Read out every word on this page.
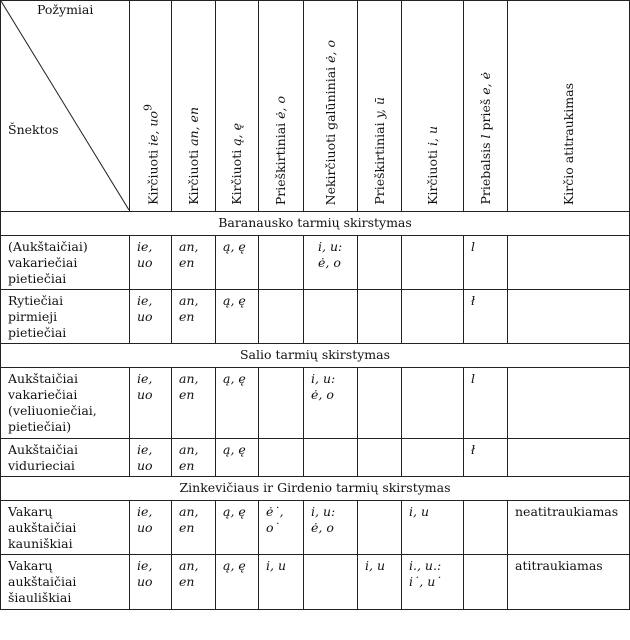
Požymiai
Šnektos	Kirčiuoti ie, $uo^9$	Kirčiuoti an, en	Kirčiuoti ą, ę	Prieškirtiniai ė, o	Nekirčiuoti galūniniai ė, o	Prieškirtiniai y, ū	Kirčiuoti i, u	Priebalsis l prieš e, ė	Kirčio atitraukimas

Baranausko tarmių skirstymas									

(Aukštaičiai)
vakariečiai
pietiečiai	ie,
uo	an,
en	ą, ę		i, u:
ė, o			l	

Rytiečiai
pirmieji
pietiečiai	ie,
uo	an,
en	ą, ę					ł	

Salio tarmių skirstymas									

Aukštaičiai
vakariečiai
(veliuoniečiai,
pietiečiai)	ie,
uo	an,
en	ą, ę		i, u:
ė, o			l	

Aukštaičiai
vidurieciai	ie,
uo	an,
en	ą, ę					ł	

Zinkevičiaus ir Girdenio tarmių skirstymas									

Vakarų
aukštaičiai
kauniškiai	ie,
uo	an,
en	ą, ę	ė˙,
o˙	i, u:
ė, o		i, u		neatitraukiamas

Vakarų
aukštaičiai
šiauliškiai	ie,
uo	an,
en	ą, ę	i, u		i, u	i., u.:
i˙, u˙		atitraukiamas
